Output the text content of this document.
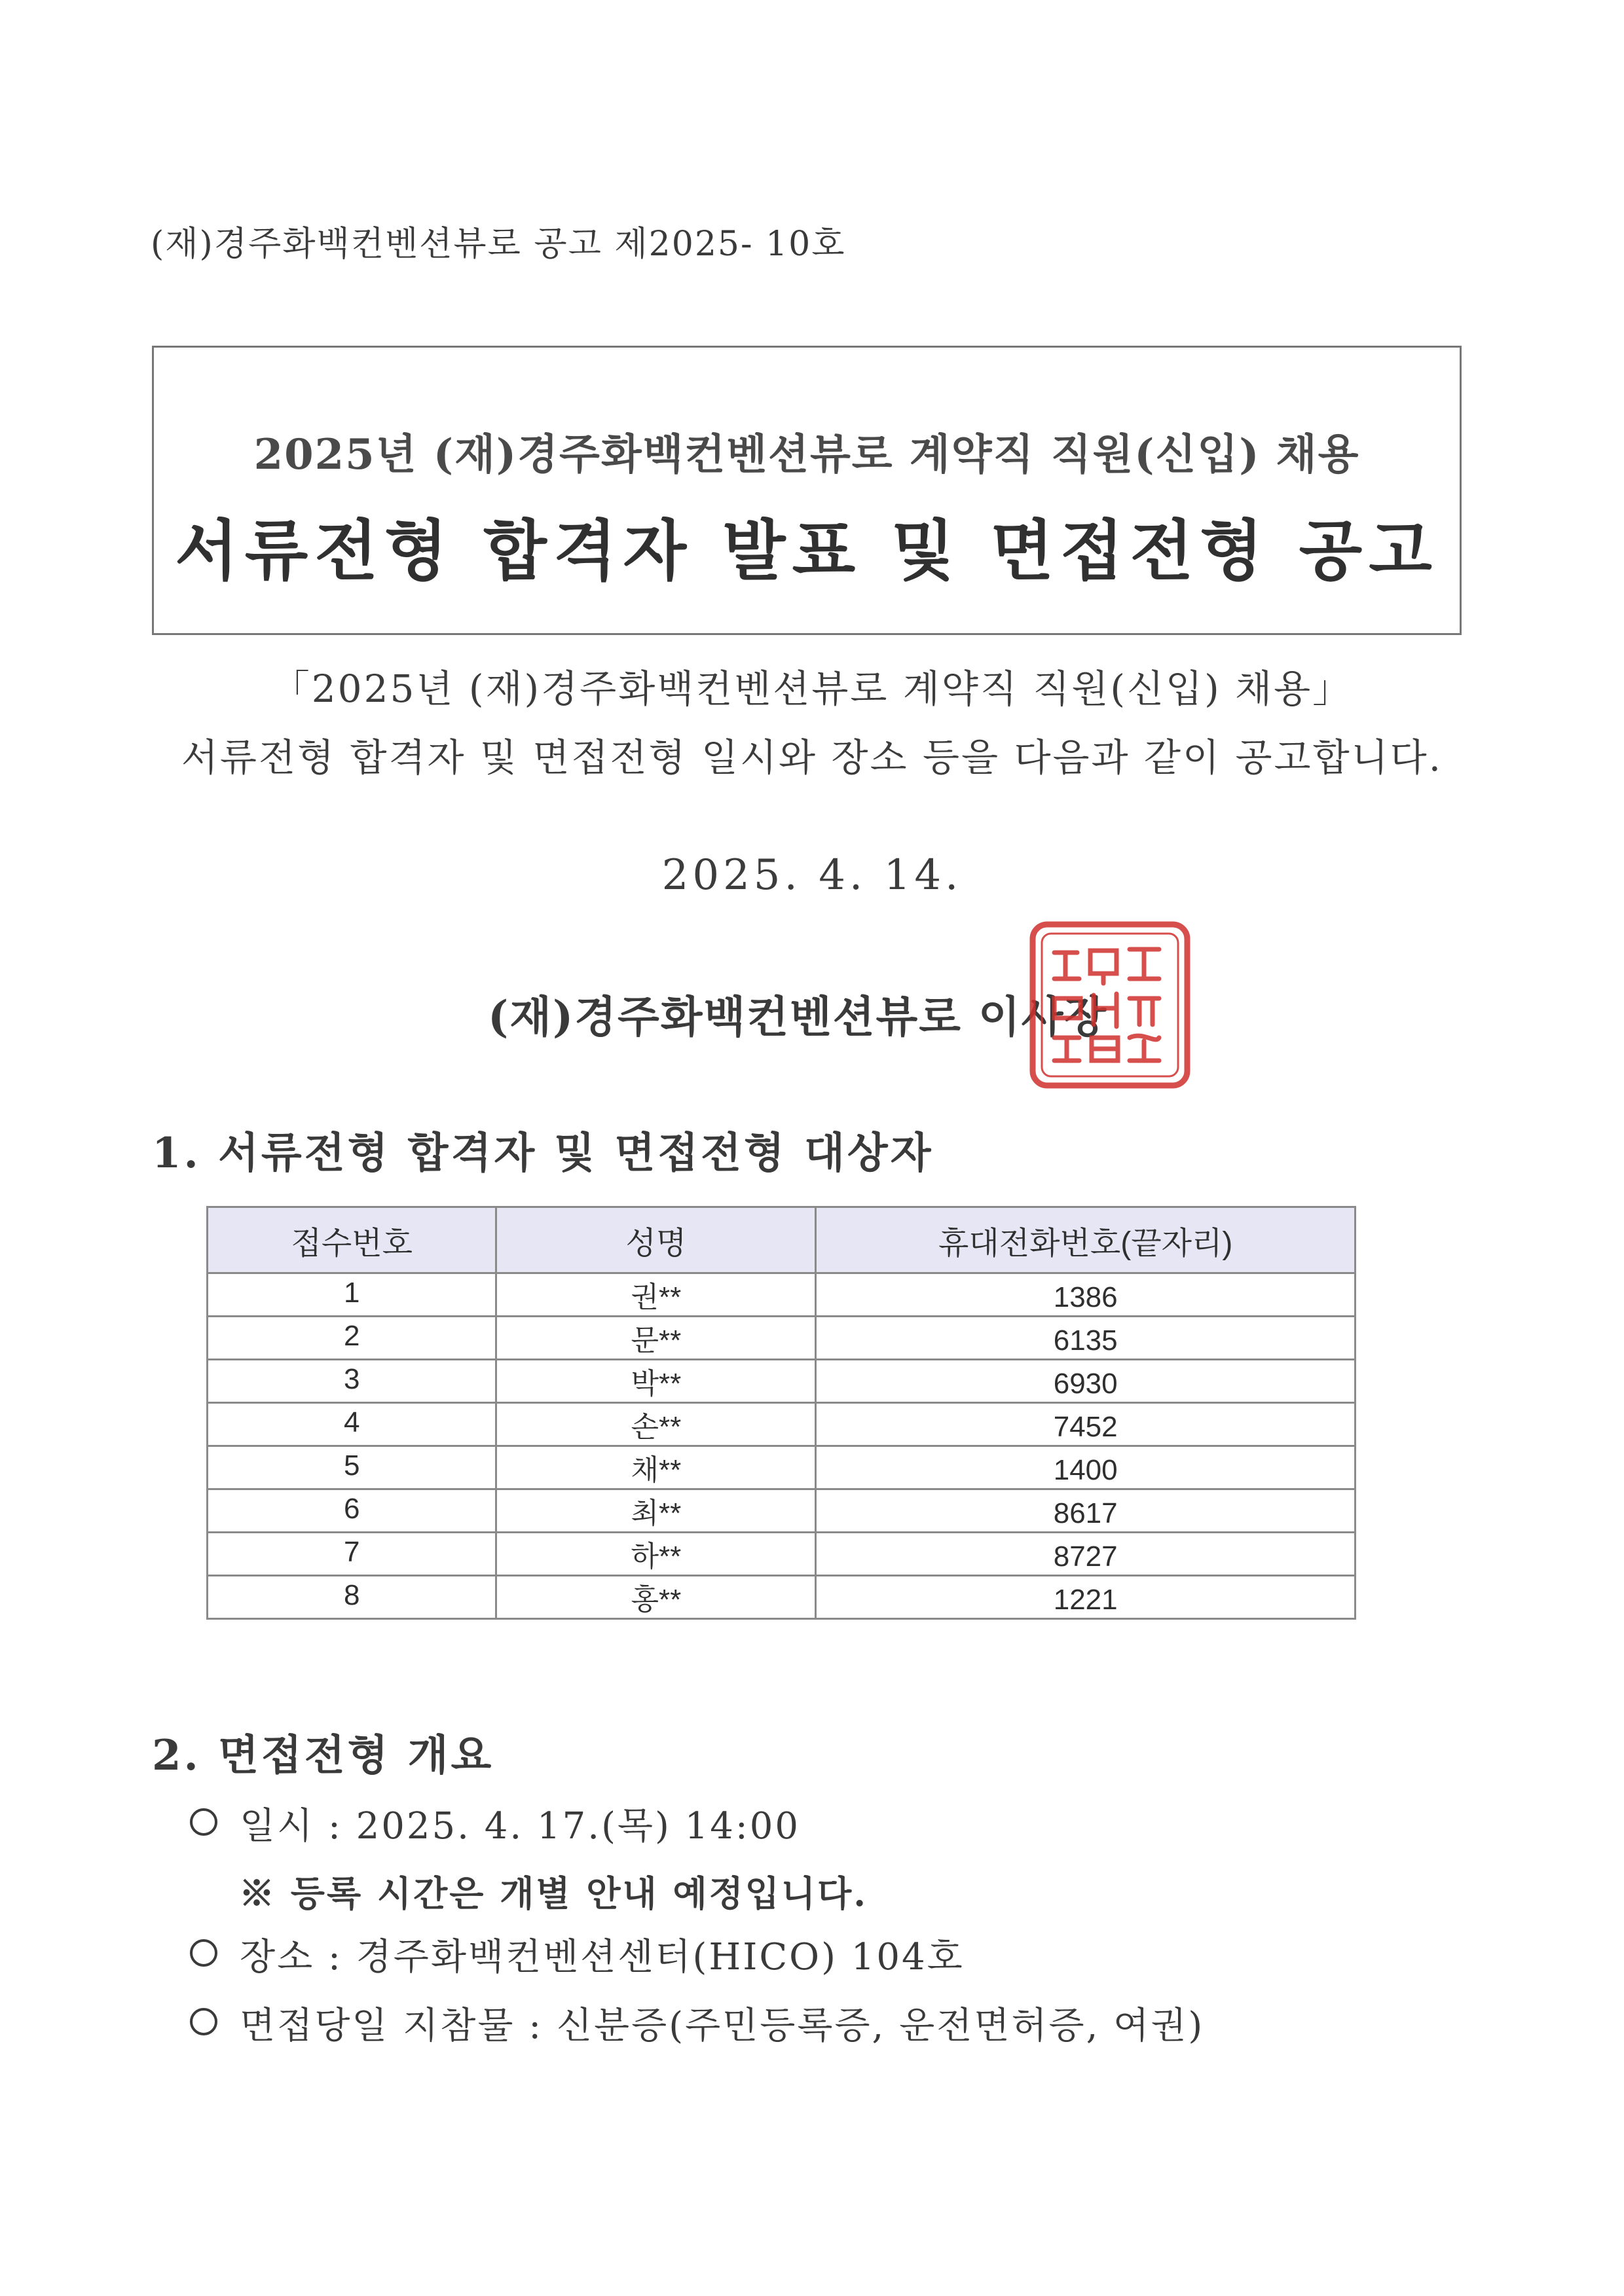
(재)경주화백컨벤션뷰로 공고 제2025- 10호
2025년 (재)경주화백컨벤션뷰로 계약직 직원(신입) 채용
서류전형 합격자 발표 및 면접전형 공고
「2025년 (재)경주화백컨벤션뷰로 계약직 직원(신입) 채용」
서류전형 합격자 및 면접전형 일시와 장소 등을 다음과 같이 공고합니다.
2025. 4. 14.
(재)경주화백컨벤션뷰로 이사장
1. 서류전형 합격자 및 면접전형 대상자
접수번호	성명	휴대전화번호(끝자리)
1	권**	1386
2	문**	6135
3	박**	6930
4	손**	7452
5	채**	1400
6	최**	8617
7	하**	8727
8	홍**	1221
2. 면접전형 개요
일시 : 2025. 4. 17.(목) 14:00
※ 등록 시간은 개별 안내 예정입니다.
장소 : 경주화백컨벤션센터(HICO) 104호
면접당일 지참물 : 신분증(주민등록증, 운전면허증, 여권)
